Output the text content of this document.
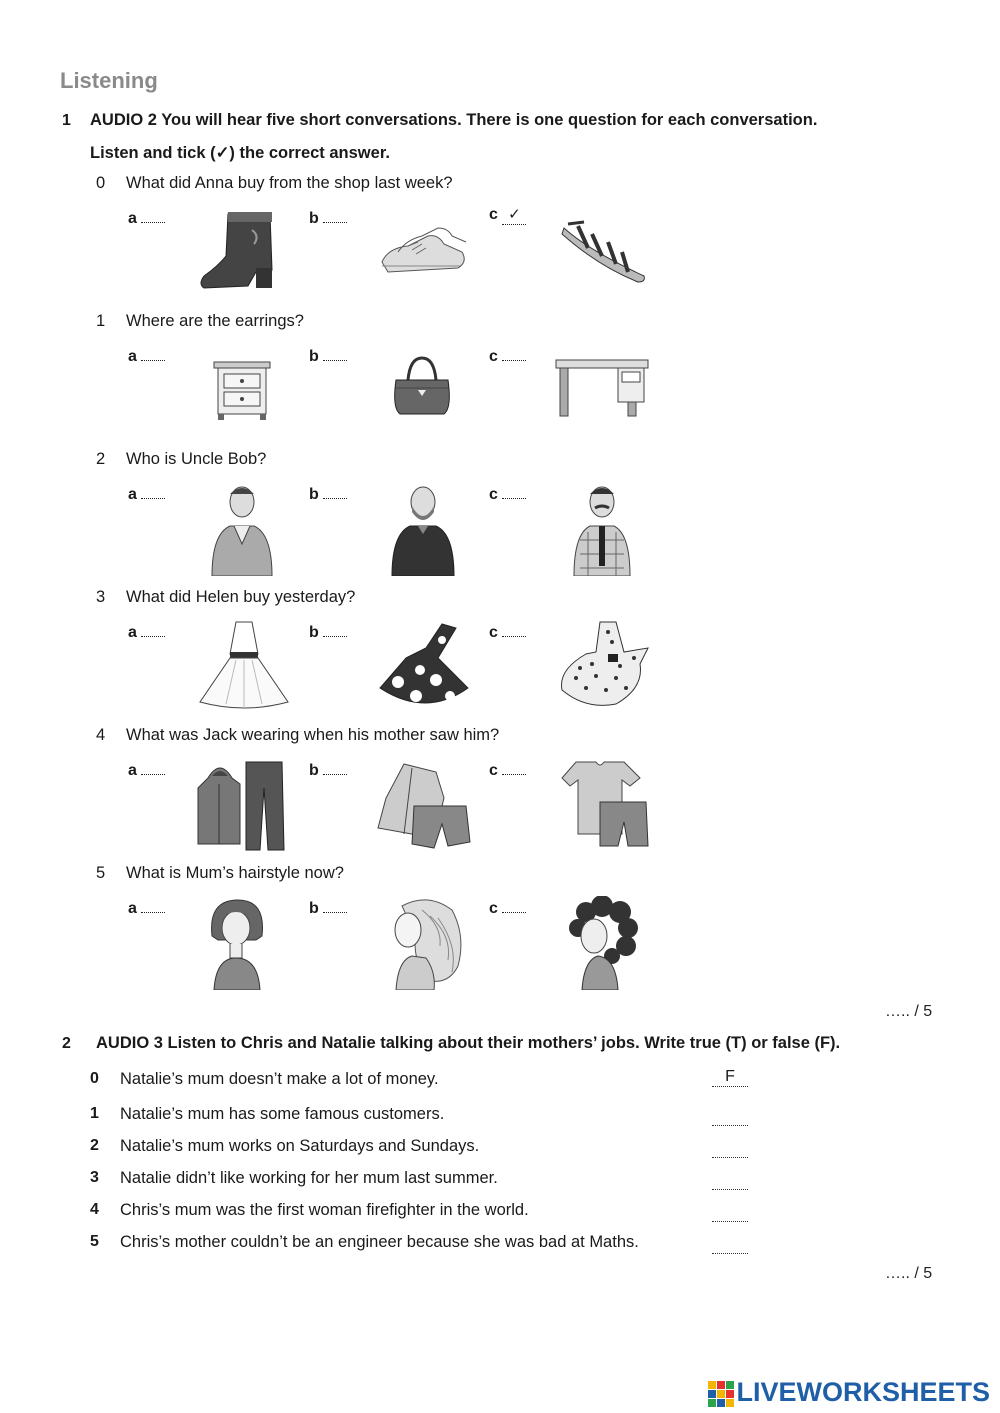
Listening
1 AUDIO 2 You will hear five short conversations. There is one question for each conversation.
Listen and tick (✓) the correct answer.
0 What did Anna buy from the shop last week?
a	b	c ✓
1 Where are the earrings?
a	b	c
2 Who is Uncle Bob?
a	b	c
3 What did Helen buy yesterday?
a	b	c
4 What was Jack wearing when his mother saw him?
a	b	c
5 What is Mum’s hairstyle now?
a	b	c
….. / 5
2 AUDIO 3 Listen to Chris and Natalie talking about their mothers’ jobs. Write true (T) or false (F).
0 Natalie’s mum doesn’t make a lot of money.	F
1 Natalie’s mum has some famous customers.
2 Natalie’s mum works on Saturdays and Sundays.
3 Natalie didn’t like working for her mum last summer.
4 Chris’s mum was the first woman firefighter in the world.
5 Chris’s mother couldn’t be an engineer because she was bad at Maths.
….. / 5
LIVEWORKSHEETS
